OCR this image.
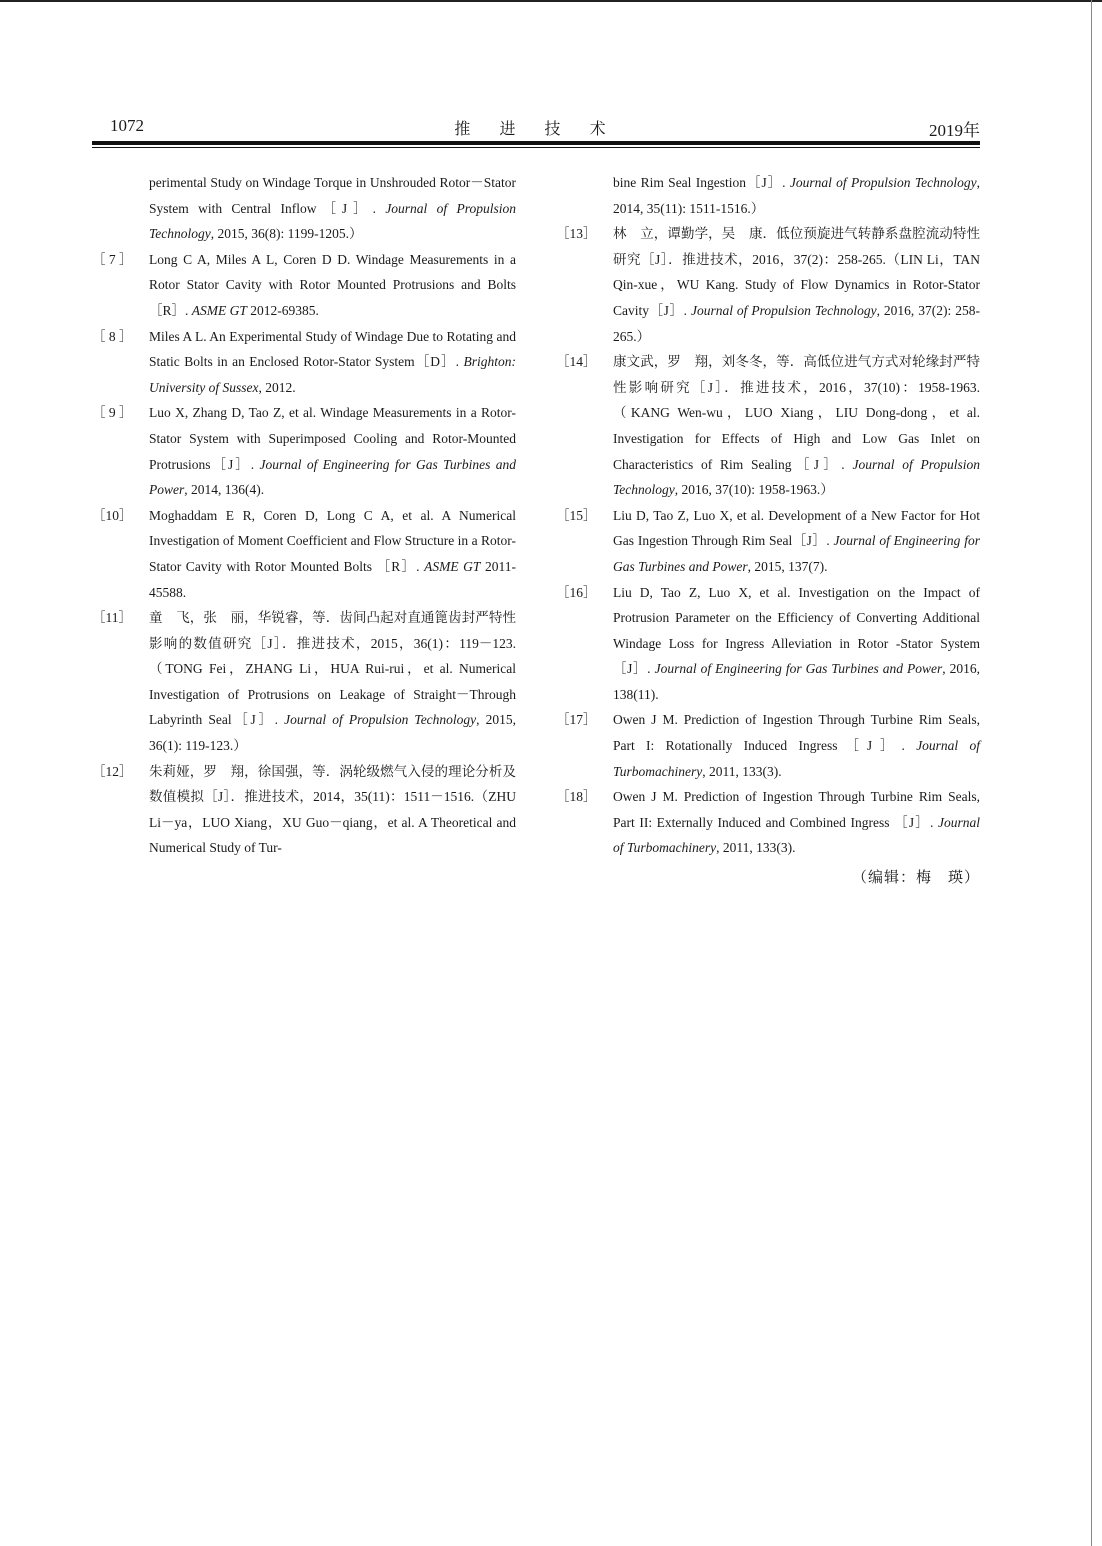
1072	推 进 技 术	2019年
perimental Study on Windage Torque in Unshrouded Rotor－Stator System with Central Inflow［J］. Journal of Propulsion Technology, 2015, 36(8): 1199-1205.）
［ 7 ］ Long C A, Miles A L, Coren D D. Windage Measurements in a Rotor Stator Cavity with Rotor Mounted Protrusions and Bolts［R］. ASME GT 2012-69385.
［ 8 ］ Miles A L. An Experimental Study of Windage Due to Rotating and Static Bolts in an Enclosed Rotor-Stator System［D］. Brighton: University of Sussex, 2012.
［ 9 ］ Luo X, Zhang D, Tao Z, et al. Windage Measurements in a Rotor-Stator System with Superimposed Cooling and Rotor-Mounted Protrusions［J］. Journal of Engineering for Gas Turbines and Power, 2014, 136(4).
［10］ Moghaddam E R, Coren D, Long C A, et al. A Numerical Investigation of Moment Coefficient and Flow Structure in a Rotor-Stator Cavity with Rotor Mounted Bolts ［R］. ASME GT 2011-45588.
［11］ 童　飞，张　丽，华锐睿，等．齿间凸起对直通篦齿封严特性影响的数值研究［J］．推进技术，2015，36(1)：119－123.（TONG Fei，ZHANG Li，HUA Rui-rui，et al. Numerical Investigation of Protrusions on Leakage of Straight－Through Labyrinth Seal［J］. Journal of Propulsion Technology, 2015, 36(1): 119-123.）
［12］ 朱莉娅，罗　翔，徐国强，等．涡轮级燃气入侵的理论分析及数值模拟［J］．推进技术，2014，35(11)：1511－1516.（ZHU Li－ya，LUO Xiang，XU Guo－qiang，et al. A Theoretical and Numerical Study of Tur-
bine Rim Seal Ingestion［J］. Journal of Propulsion Technology, 2014, 35(11): 1511-1516.）
［13］ 林　立，谭勤学，吴　康．低位预旋进气转静系盘腔流动特性研究［J］．推进技术，2016，37(2)：258-265.（LIN Li，TAN Qin-xue，WU Kang. Study of Flow Dynamics in Rotor-Stator Cavity［J］. Journal of Propulsion Technology, 2016, 37(2): 258-265.）
［14］ 康文武，罗　翔，刘冬冬，等．高低位进气方式对轮缘封严特性影响研究［J］．推进技术，2016，37(10)：1958-1963.（KANG Wen-wu，LUO Xiang，LIU Dong-dong，et al. Investigation for Effects of High and Low Gas Inlet on Characteristics of Rim Sealing［J］. Journal of Propulsion Technology, 2016, 37(10): 1958-1963.）
［15］ Liu D, Tao Z, Luo X, et al. Development of a New Factor for Hot Gas Ingestion Through Rim Seal［J］. Journal of Engineering for Gas Turbines and Power, 2015, 137(7).
［16］ Liu D, Tao Z, Luo X, et al. Investigation on the Impact of Protrusion Parameter on the Efficiency of Converting Additional Windage Loss for Ingress Alleviation in Rotor -Stator System［J］. Journal of Engineering for Gas Turbines and Power, 2016, 138(11).
［17］ Owen J M. Prediction of Ingestion Through Turbine Rim Seals, Part I: Rotationally Induced Ingress［J］. Journal of Turbomachinery, 2011, 133(3).
［18］ Owen J M. Prediction of Ingestion Through Turbine Rim Seals, Part II: Externally Induced and Combined Ingress ［J］. Journal of Turbomachinery, 2011, 133(3).
（编辑：梅　瑛）
